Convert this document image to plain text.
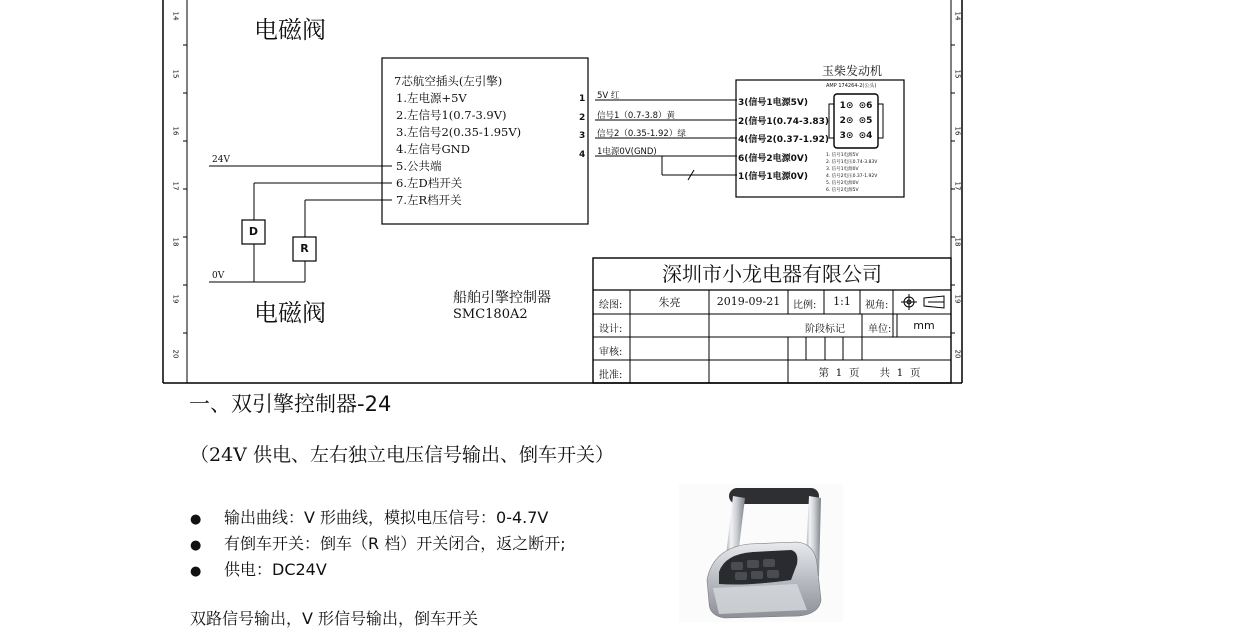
14
15
16
17
18
19
20
14
15
16
17
18
19
20
电磁阀
电磁阀
7芯航空插头(左引擎)
1.左电源+5V
2.左信号1(0.7-3.9V)
3.左信号2(0.35-1.95V)
4.左信号GND
5.公共端
6.左D档开关
7.左R档开关
24V
0V
D
R
1
2
3
4
5V 红
信号1（0.7-3.8）黄
信号2（0.35-1.92）绿
1电源0V(GND)
玉柴发动机
AMP 174264-2(公头)
3(信号1电源5V)
2(信号1(0.74-3.83)
4(信号2(0.37-1.92)
6(信号2电源0V)
1(信号1电源0V)
1⊙ ⊙6
2⊙ ⊙5
3⊙ ⊙4
1. 信号1电源5V
2. 信号1电压0.74-3.83V
3. 信号1电源0V
4. 信号2电压0.37-1.92V
5. 信号2电源0V
6. 信号2电源5V
船舶引擎控制器
SMC180A2
深圳市小龙电器有限公司
绘图:	朱亮	2019-09-21	比例:	1:1	视角:
设计:	阶段标记	单位:	mm
审核:
批准:	第  1  页      共  1  页
一、双引擎控制器-24
（24V 供电、左右独立电压信号输出、倒车开关）
● 输出曲线：V 形曲线，模拟电压信号：0-4.7V
● 有倒车开关：倒车（R 档）开关闭合，返之断开;
● 供电：DC24V
双路信号输出，V 形信号输出，倒车开关
